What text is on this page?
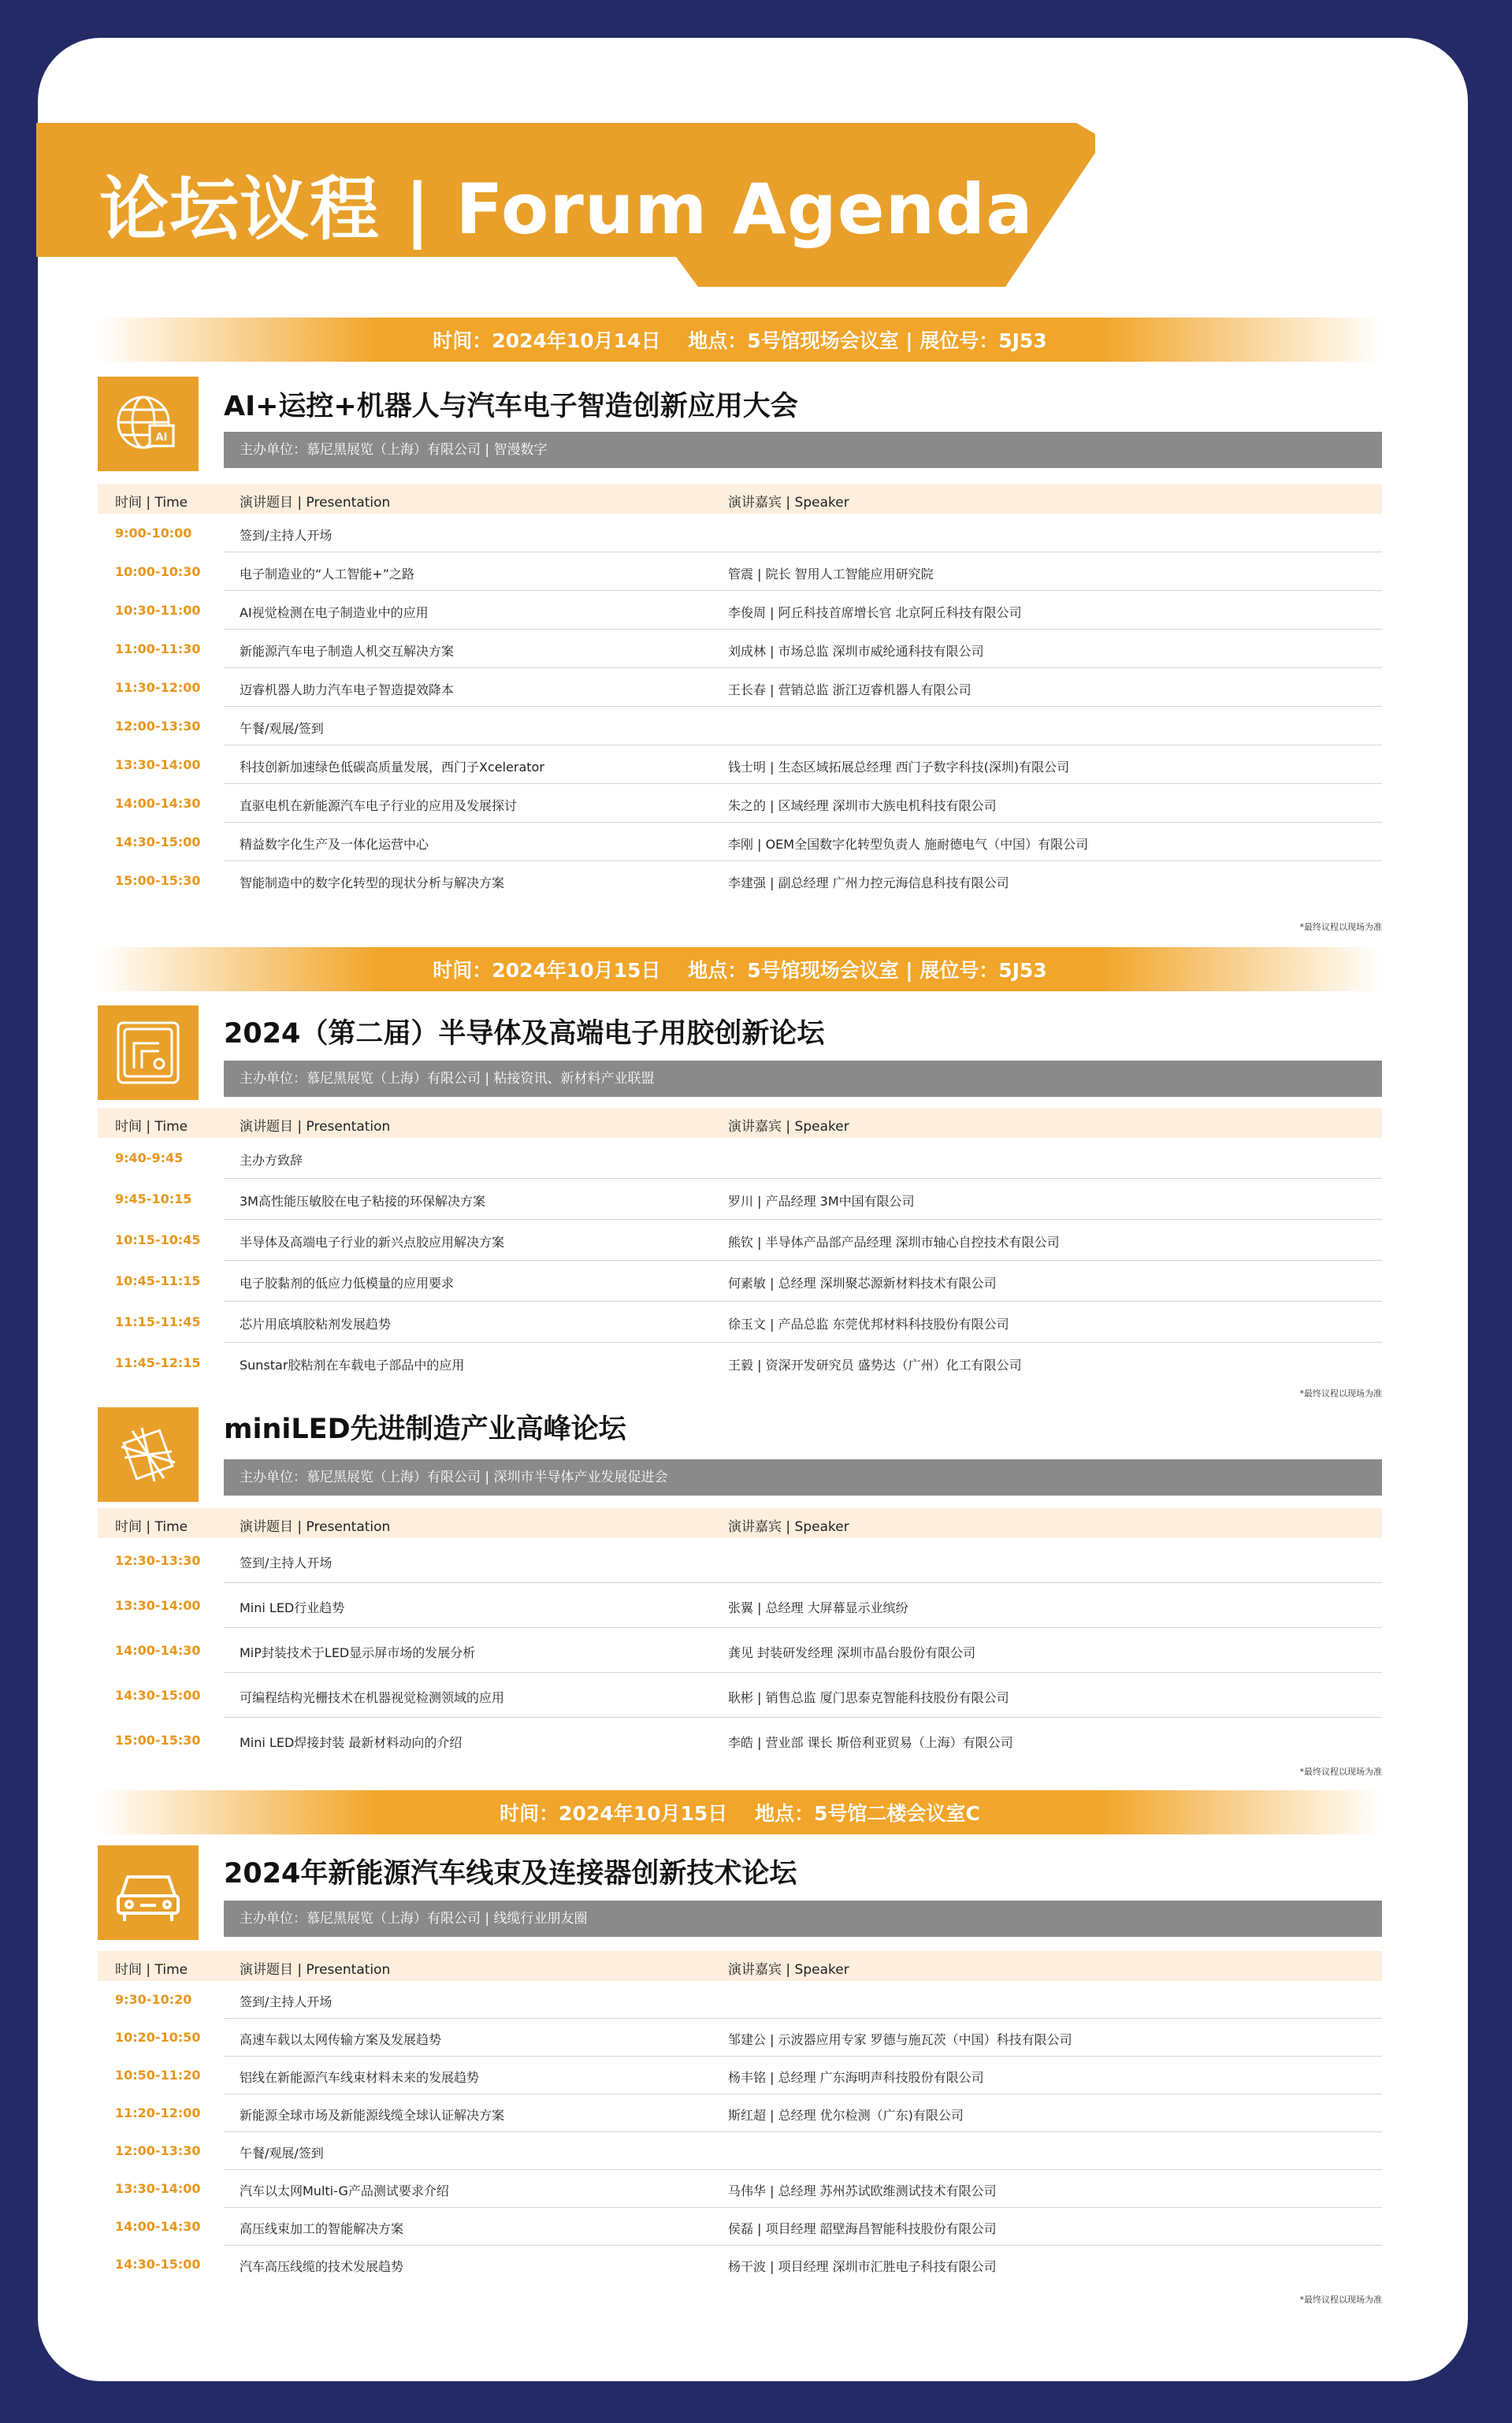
论坛议程 | Forum Agenda
时间：2024年10月14日    地点：5号馆现场会议室 | 展位号：5J53
时间：2024年10月15日    地点：5号馆现场会议室 | 展位号：5J53
时间：2024年10月15日    地点：5号馆二楼会议室C
AI
AI+运控+机器人与汽车电子智造创新应用大会
主办单位：慕尼黑展览（上海）有限公司 | 智漫数字
时间 | Time	演讲题目 | Presentation	演讲嘉宾 | Speaker
9:00-10:00	签到/主持人开场
10:00-10:30	电子制造业的“人工智能+”之路	管震 | 院长 智用人工智能应用研究院
10:30-11:00	AI视觉检测在电子制造业中的应用	李俊周 | 阿丘科技首席增长官 北京阿丘科技有限公司
11:00-11:30	新能源汽车电子制造人机交互解决方案	刘成林 | 市场总监 深圳市威纶通科技有限公司
11:30-12:00	迈睿机器人助力汽车电子智造提效降本	王长春 | 营销总监 浙江迈睿机器人有限公司
12:00-13:30	午餐/观展/签到
13:30-14:00	科技创新加速绿色低碳高质量发展，西门子Xcelerator	钱士明 | 生态区域拓展总经理 西门子数字科技(深圳)有限公司
14:00-14:30	直驱电机在新能源汽车电子行业的应用及发展探讨	朱之的 | 区域经理 深圳市大族电机科技有限公司
14:30-15:00	精益数字化生产及一体化运营中心	李刚 | OEM全国数字化转型负责人 施耐德电气（中国）有限公司
15:00-15:30	智能制造中的数字化转型的现状分析与解决方案	李建强 | 副总经理 广州力控元海信息科技有限公司
*最终议程以现场为准
2024（第二届）半导体及高端电子用胶创新论坛
主办单位：慕尼黑展览（上海）有限公司 | 粘接资讯、新材料产业联盟
时间 | Time	演讲题目 | Presentation	演讲嘉宾 | Speaker
9:40-9:45	主办方致辞
9:45-10:15	3M高性能压敏胶在电子粘接的环保解决方案	罗川 | 产品经理 3M中国有限公司
10:15-10:45	半导体及高端电子行业的新兴点胶应用解决方案	熊钦 | 半导体产品部产品经理 深圳市轴心自控技术有限公司
10:45-11:15	电子胶黏剂的低应力低模量的应用要求	何素敏 | 总经理 深圳聚芯源新材料技术有限公司
11:15-11:45	芯片用底填胶粘剂发展趋势	徐玉文 | 产品总监 东莞优邦材料科技股份有限公司
11:45-12:15	Sunstar胶粘剂在车载电子部品中的应用	王毅 | 资深开发研究员 盛势达（广州）化工有限公司
*最终议程以现场为准
miniLED先进制造产业高峰论坛
主办单位：慕尼黑展览（上海）有限公司 | 深圳市半导体产业发展促进会
时间 | Time	演讲题目 | Presentation	演讲嘉宾 | Speaker
12:30-13:30	签到/主持人开场
13:30-14:00	Mini LED行业趋势	张翼 | 总经理 大屏幕显示业缤纷
14:00-14:30	MiP封装技术于LED显示屏市场的发展分析	龚见 封装研发经理 深圳市晶台股份有限公司
14:30-15:00	可编程结构光栅技术在机器视觉检测领域的应用	耿彬 | 销售总监 厦门思泰克智能科技股份有限公司
15:00-15:30	Mini LED焊接封装 最新材料动向的介绍	李皓 | 营业部 课长 斯倍利亚贸易（上海）有限公司
*最终议程以现场为准
2024年新能源汽车线束及连接器创新技术论坛
主办单位：慕尼黑展览（上海）有限公司 | 线缆行业朋友圈
时间 | Time	演讲题目 | Presentation	演讲嘉宾 | Speaker
9:30-10:20	签到/主持人开场
10:20-10:50	高速车载以太网传输方案及发展趋势	邹建公 | 示波器应用专家 罗德与施瓦茨（中国）科技有限公司
10:50-11:20	铝线在新能源汽车线束材料未来的发展趋势	杨丰铭 | 总经理 广东海明声科技股份有限公司
11:20-12:00	新能源全球市场及新能源线缆全球认证解决方案	斯红超 | 总经理 优尔检测（广东)有限公司
12:00-13:30	午餐/观展/签到
13:30-14:00	汽车以太网Multi-G产品测试要求介绍	马伟华 | 总经理 苏州苏试欧维测试技术有限公司
14:00-14:30	高压线束加工的智能解决方案	侯磊 | 项目经理 韶壁海昌智能科技股份有限公司
14:30-15:00	汽车高压线缆的技术发展趋势	杨干波 | 项目经理 深圳市汇胜电子科技有限公司
*最终议程以现场为准
